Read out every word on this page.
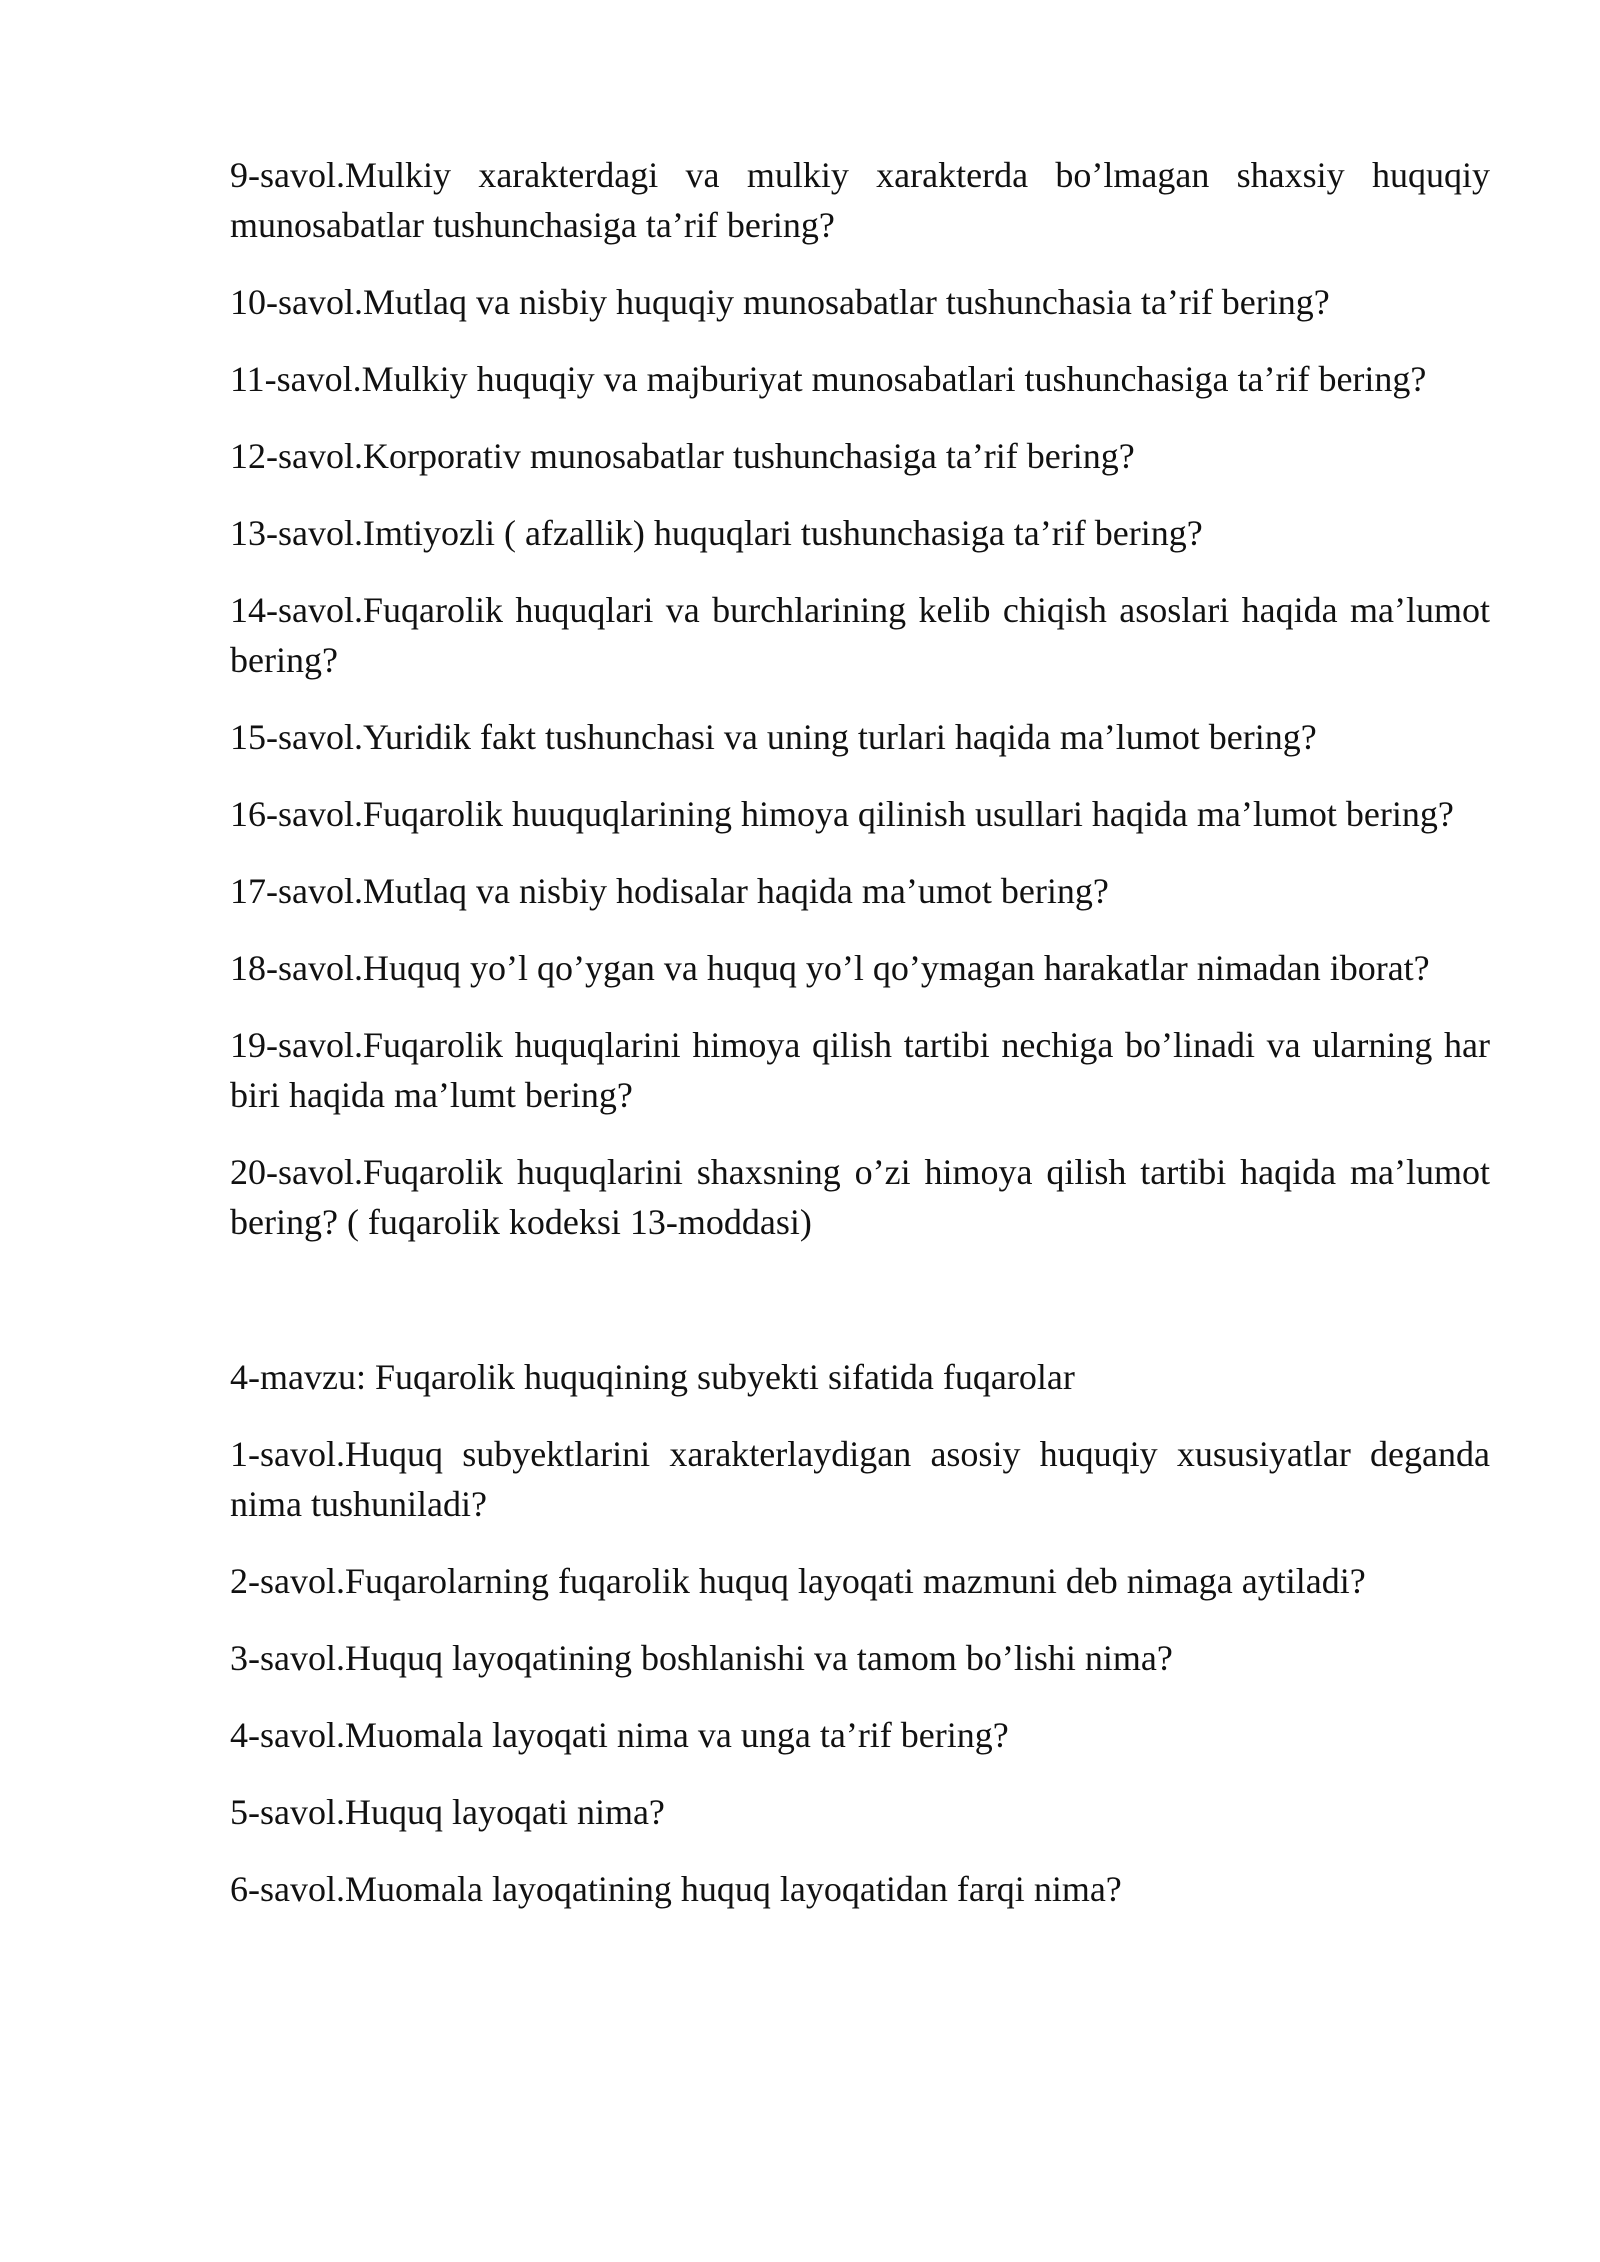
9-savol.Mulkiy xarakterdagi va mulkiy xarakterda bo’lmagan shaxsiy huquqiy munosabatlar tushunchasiga ta’rif bering?

10-savol.Mutlaq va nisbiy huquqiy munosabatlar tushunchasia ta’rif bering?

11-savol.Mulkiy huquqiy va majburiyat munosabatlari tushunchasiga ta’rif bering?

12-savol.Korporativ munosabatlar tushunchasiga ta’rif bering?

13-savol.Imtiyozli ( afzallik) huquqlari tushunchasiga ta’rif bering?

14-savol.Fuqarolik huquqlari va burchlarining kelib chiqish asoslari haqida ma’lumot bering?

15-savol.Yuridik fakt tushunchasi va uning turlari haqida ma’lumot bering?

16-savol.Fuqarolik huuquqlarining himoya qilinish usullari haqida ma’lumot bering?

17-savol.Mutlaq va nisbiy hodisalar haqida ma’umot bering?

18-savol.Huquq yo’l qo’ygan va huquq yo’l qo’ymagan harakatlar nimadan iborat?

19-savol.Fuqarolik huquqlarini himoya qilish tartibi nechiga bo’linadi va ularning har biri haqida ma’lumt bering?

20-savol.Fuqarolik huquqlarini shaxsning o’zi himoya qilish tartibi haqida ma’lumot bering? ( fuqarolik kodeksi 13-moddasi)

4-mavzu: Fuqarolik huquqining subyekti sifatida fuqarolar

1-savol.Huquq subyektlarini xarakterlaydigan asosiy huquqiy xususiyatlar deganda nima tushuniladi?

2-savol.Fuqarolarning fuqarolik huquq layoqati mazmuni deb nimaga aytiladi?

3-savol.Huquq layoqatining boshlanishi va tamom bo’lishi nima?

4-savol.Muomala layoqati nima va unga ta’rif bering?

5-savol.Huquq layoqati nima?

6-savol.Muomala layoqatining huquq layoqatidan farqi nima?
